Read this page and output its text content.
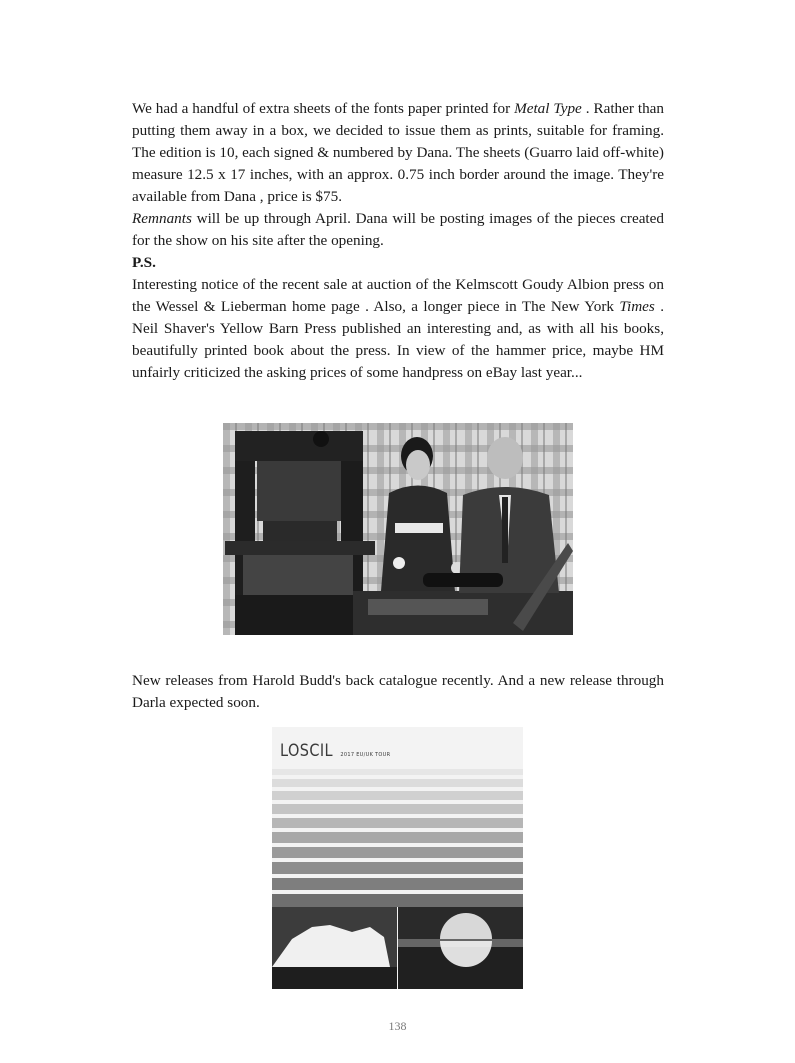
We had a handful of extra sheets of the fonts paper printed for Metal Type . Rather than putting them away in a box, we decided to issue them as prints, suitable for framing. The edition is 10, each signed & numbered by Dana. The sheets (Guarro laid off-white) measure 12.5 x 17 inches, with an approx. 0.75 inch border around the image. They're available from Dana , price is $75.

Remnants will be up through April. Dana will be posting images of the pieces created for the show on his site after the opening.

P.S.

Interesting notice of the recent sale at auction of the Kelmscott Goudy Albion press on the Wessel & Lieberman home page . Also, a longer piece in The New York Times . Neil Shaver's Yellow Barn Press published an interesting and, as with all his books, beautifully printed book about the press. In view of the hammer price, maybe HM unfairly criticized the asking prices of some handpress on eBay last year...

New releases from Harold Budd's back catalogue recently. And a new release through Darla expected soon.

LOSCIL 2017 EU/UK TOUR
138
